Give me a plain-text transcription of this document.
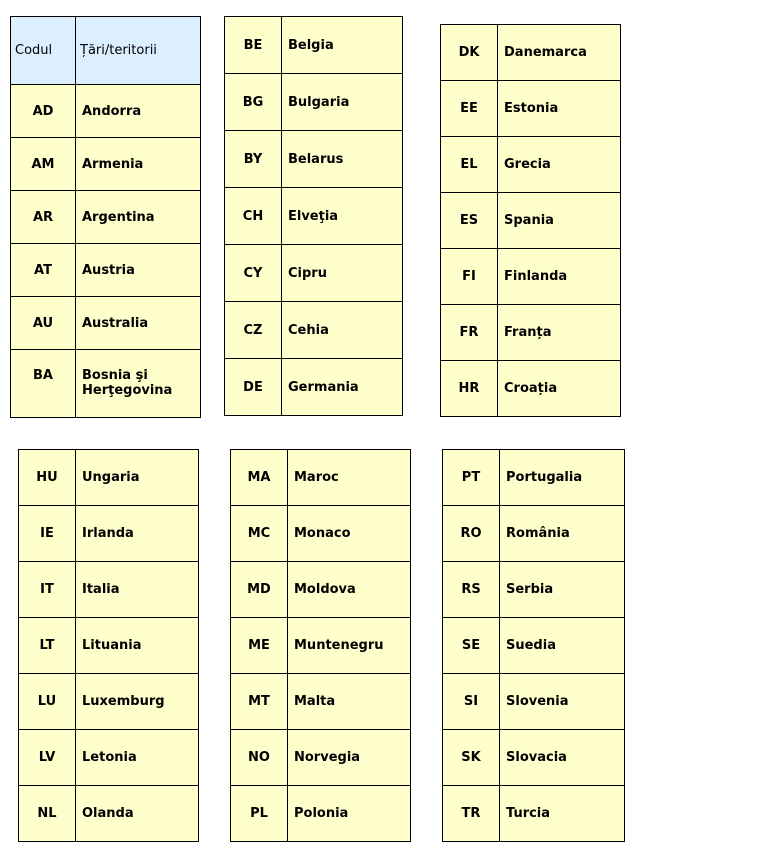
Codul	Țări/teritorii
AD	Andorra
AM	Armenia
AR	Argentina
AT	Austria
AU	Australia
BA	Bosnia şi Herţegovina
BE	Belgia
BG	Bulgaria
BY	Belarus
CH	Elveţia
CY	Cipru
CZ	Cehia
DE	Germania
DK	Danemarca
EE	Estonia
EL	Grecia
ES	Spania
FI	Finlanda
FR	Franța
HR	Croația
HU	Ungaria
IE	Irlanda
IT	Italia
LT	Lituania
LU	Luxemburg
LV	Letonia
NL	Olanda
MA	Maroc
MC	Monaco
MD	Moldova
ME	Muntenegru
MT	Malta
NO	Norvegia
PL	Polonia
PT	Portugalia
RO	România
RS	Serbia
SE	Suedia
SI	Slovenia
SK	Slovacia
TR	Turcia
